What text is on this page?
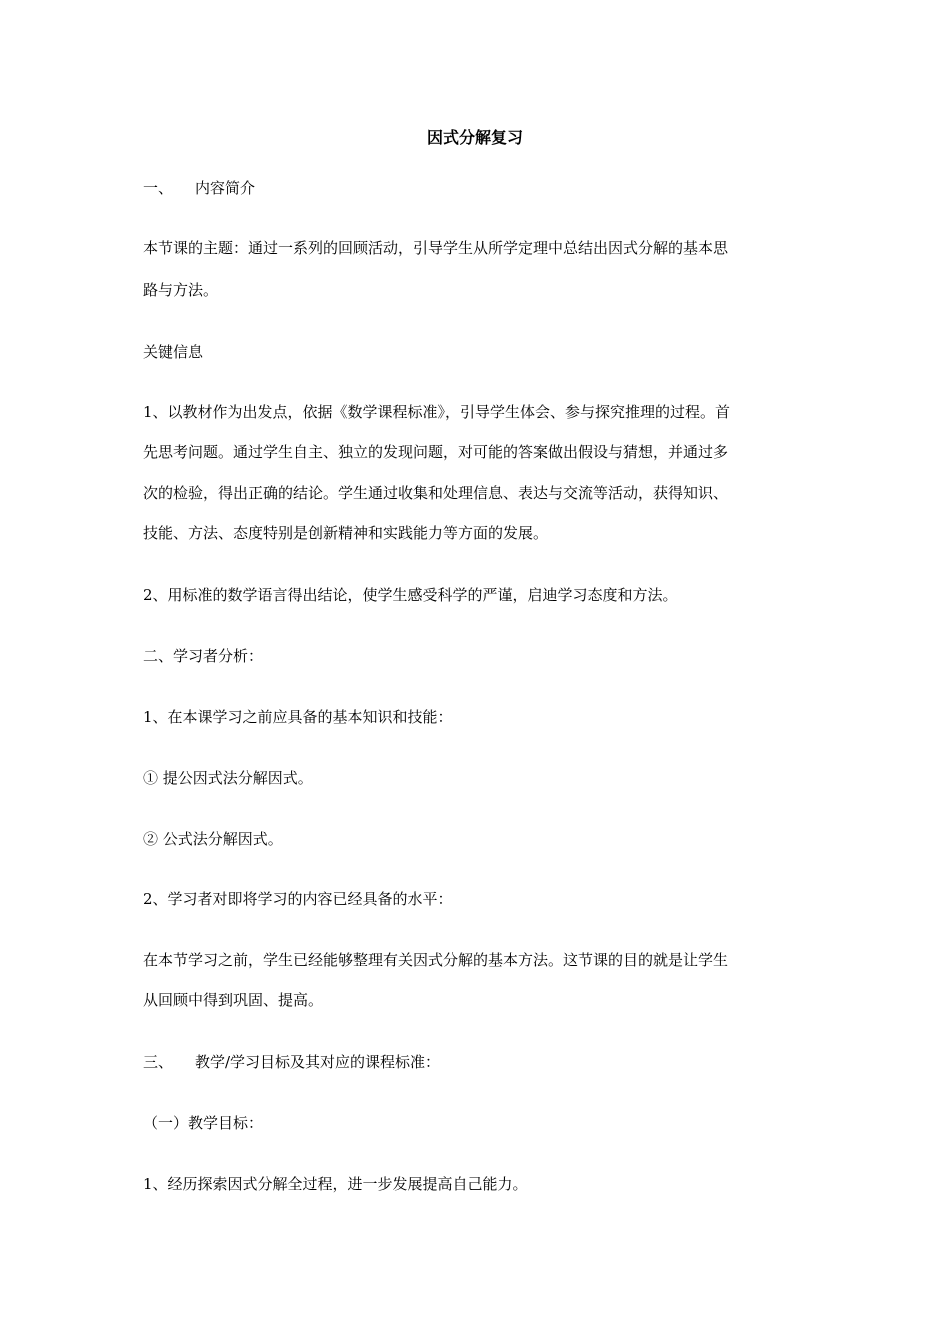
因式分解复习
一、 内容简介
本节课的主题：通过一系列的回顾活动，引导学生从所学定理中总结出因式分解的基本思
路与方法。
关键信息
1、以教材作为出发点，依据《数学课程标准》，引导学生体会、参与探究推理的过程。首
先思考问题。通过学生自主、独立的发现问题，对可能的答案做出假设与猜想，并通过多
次的检验，得出正确的结论。学生通过收集和处理信息、表达与交流等活动，获得知识、
技能、方法、态度特别是创新精神和实践能力等方面的发展。
2、用标准的数学语言得出结论，使学生感受科学的严谨，启迪学习态度和方法。
二、学习者分析：
1、在本课学习之前应具备的基本知识和技能：
① 提公因式法分解因式。
② 公式法分解因式。
2、学习者对即将学习的内容已经具备的水平：
在本节学习之前，学生已经能够整理有关因式分解的基本方法。这节课的目的就是让学生
从回顾中得到巩固、提高。
三、 教学/学习目标及其对应的课程标准：
（一）教学目标：
1、经历探索因式分解全过程，进一步发展提高自己能力。
